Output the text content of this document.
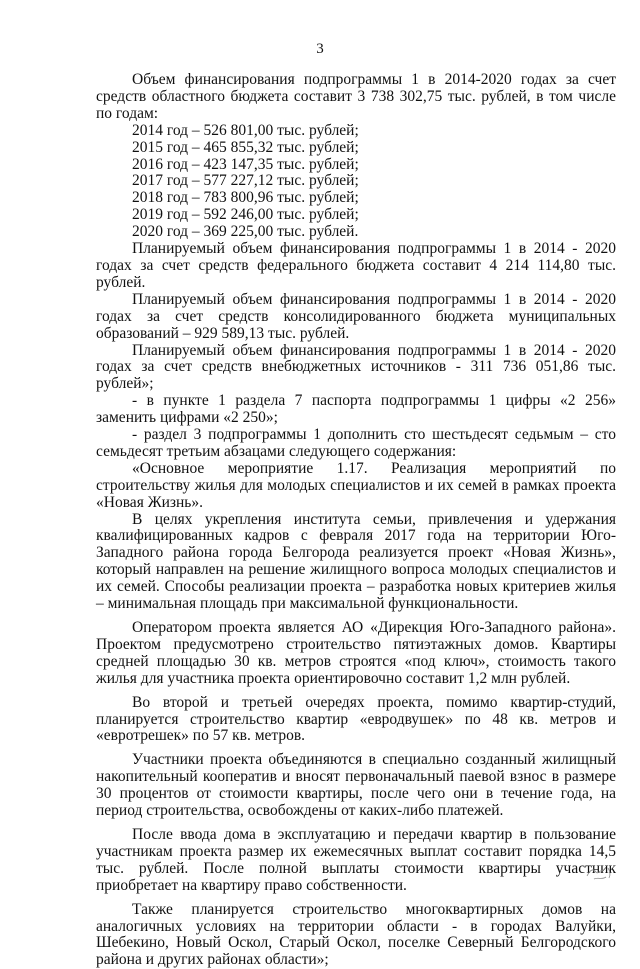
3

Объем финансирования подпрограммы 1 в 2014-2020 годах за счет средств областного бюджета составит 3 738 302,75 тыс. рублей, в том числе по годам:

2014 год – 526 801,00 тыс. рублей;
2015 год – 465 855,32 тыс. рублей;
2016 год – 423 147,35 тыс. рублей;
2017 год – 577 227,12 тыс. рублей;
2018 год – 783 800,96 тыс. рублей;
2019 год – 592 246,00 тыс. рублей;
2020 год – 369 225,00 тыс. рублей.

Планируемый объем финансирования подпрограммы 1 в 2014 - 2020 годах за счет средств федерального бюджета составит 4 214 114,80 тыс. рублей.

Планируемый объем финансирования подпрограммы 1 в 2014 - 2020 годах за счет средств консолидированного бюджета муниципальных образований – 929 589,13 тыс. рублей.

Планируемый объем финансирования подпрограммы 1 в 2014 - 2020 годах за счет средств внебюджетных источников - 311 736 051,86 тыс. рублей»;

- в пункте 1 раздела 7 паспорта подпрограммы 1 цифры «2 256» заменить цифрами «2 250»;

- раздел 3 подпрограммы 1 дополнить сто шестьдесят седьмым – сто семьдесят третьим абзацами следующего содержания:

«Основное мероприятие 1.17. Реализация мероприятий по строительству жилья для молодых специалистов и их семей в рамках проекта «Новая Жизнь».

В целях укрепления института семьи, привлечения и удержания квалифицированных кадров с февраля 2017 года на территории Юго-Западного района города Белгорода реализуется проект «Новая Жизнь», который направлен на решение жилищного вопроса молодых специалистов и их семей. Способы реализации проекта – разработка новых критериев жилья – минимальная площадь при максимальной функциональности.

Оператором проекта является АО «Дирекция Юго-Западного района». Проектом предусмотрено строительство пятиэтажных домов. Квартиры средней площадью 30 кв. метров строятся «под ключ», стоимость такого жилья для участника проекта ориентировочно составит 1,2 млн рублей.

Во второй и третьей очередях проекта, помимо квартир-студий, планируется строительство квартир «евродвушек» по 48 кв. метров и «евротрешек» по 57 кв. метров.

Участники проекта объединяются в специально созданный жилищный накопительный кооператив и вносят первоначальный паевой взнос в размере 30 процентов от стоимости квартиры, после чего они в течение года, на период строительства, освобождены от каких-либо платежей.

После ввода дома в эксплуатацию и передачи квартир в пользование участникам проекта размер их ежемесячных выплат составит порядка 14,5 тыс. рублей. После полной выплаты стоимости квартиры участник приобретает на квартиру право собственности.

Также планируется строительство многоквартирных домов на аналогичных условиях на территории области - в городах Валуйки, Шебекино, Новый Оскол, Старый Оскол, поселке Северный Белгородского района и других районах области»;
